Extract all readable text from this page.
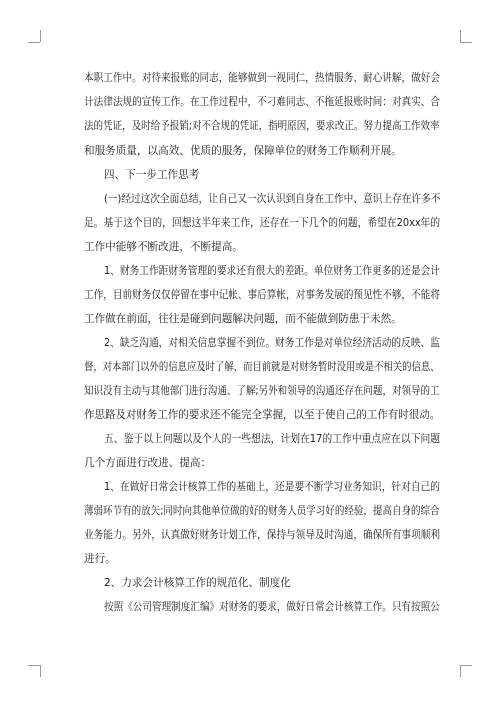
本职工作中。对待来报账的同志，能够做到一视同仁，热情服务、耐心讲解，做好会
计法律法规的宣传工作。在工作过程中，不刁难同志、不拖延报账时间：对真实、合
法的凭证，及时给予报销;对不合规的凭证，指明原因，要求改正。努力提高工作效率
和服务质量，以高效、优质的服务，保障单位的财务工作顺利开展。
四、下一步工作思考
(一)经过这次全面总结，让自己又一次认识到自身在工作中、意识上存在许多不
足。基于这个目的，回想这半年来工作，还存在一下几个的问题，希望在20xx年的
工作中能够不断改进，不断提高。
1、财务工作距财务管理的要求还有很大的差距。单位财务工作更多的还是会计
工作，目前财务仅仅停留在事中记帐、事后算帐，对事务发展的预见性不够，不能将
工作做在前面，往往是碰到问题解决问题，而不能做到防患于未然。
2、缺乏沟通，对相关信息掌握不到位。财务工作是对单位经济活动的反映、监
督，对本部门以外的信息应及时了解，而目前就是对财务暂时没用或是不相关的信息、
知识没有主动与其他部门进行沟通、了解;另外和领导的沟通还存在问题，对领导的工
作思路及对财务工作的要求还不能完全掌握，以至于使自己的工作有时很动。
五、鉴于以上问题以及个人的一些想法，计划在17的工作中重点应在以下问题
几个方面进行改进、提高：
1、在做好日常会计核算工作的基础上，还是要不断学习业务知识，针对自己的
薄弱环节有的放矢;同时向其他单位做的好的财务人员学习好的经验，提高自身的综合
业务能力。另外，认真做好财务计划工作，保持与领导及时沟通，确保所有事项顺利
进行。
2、力求会计核算工作的规范化、制度化
按照《公司管理制度汇编》对财务的要求，做好日常会计核算工作。只有按照公
